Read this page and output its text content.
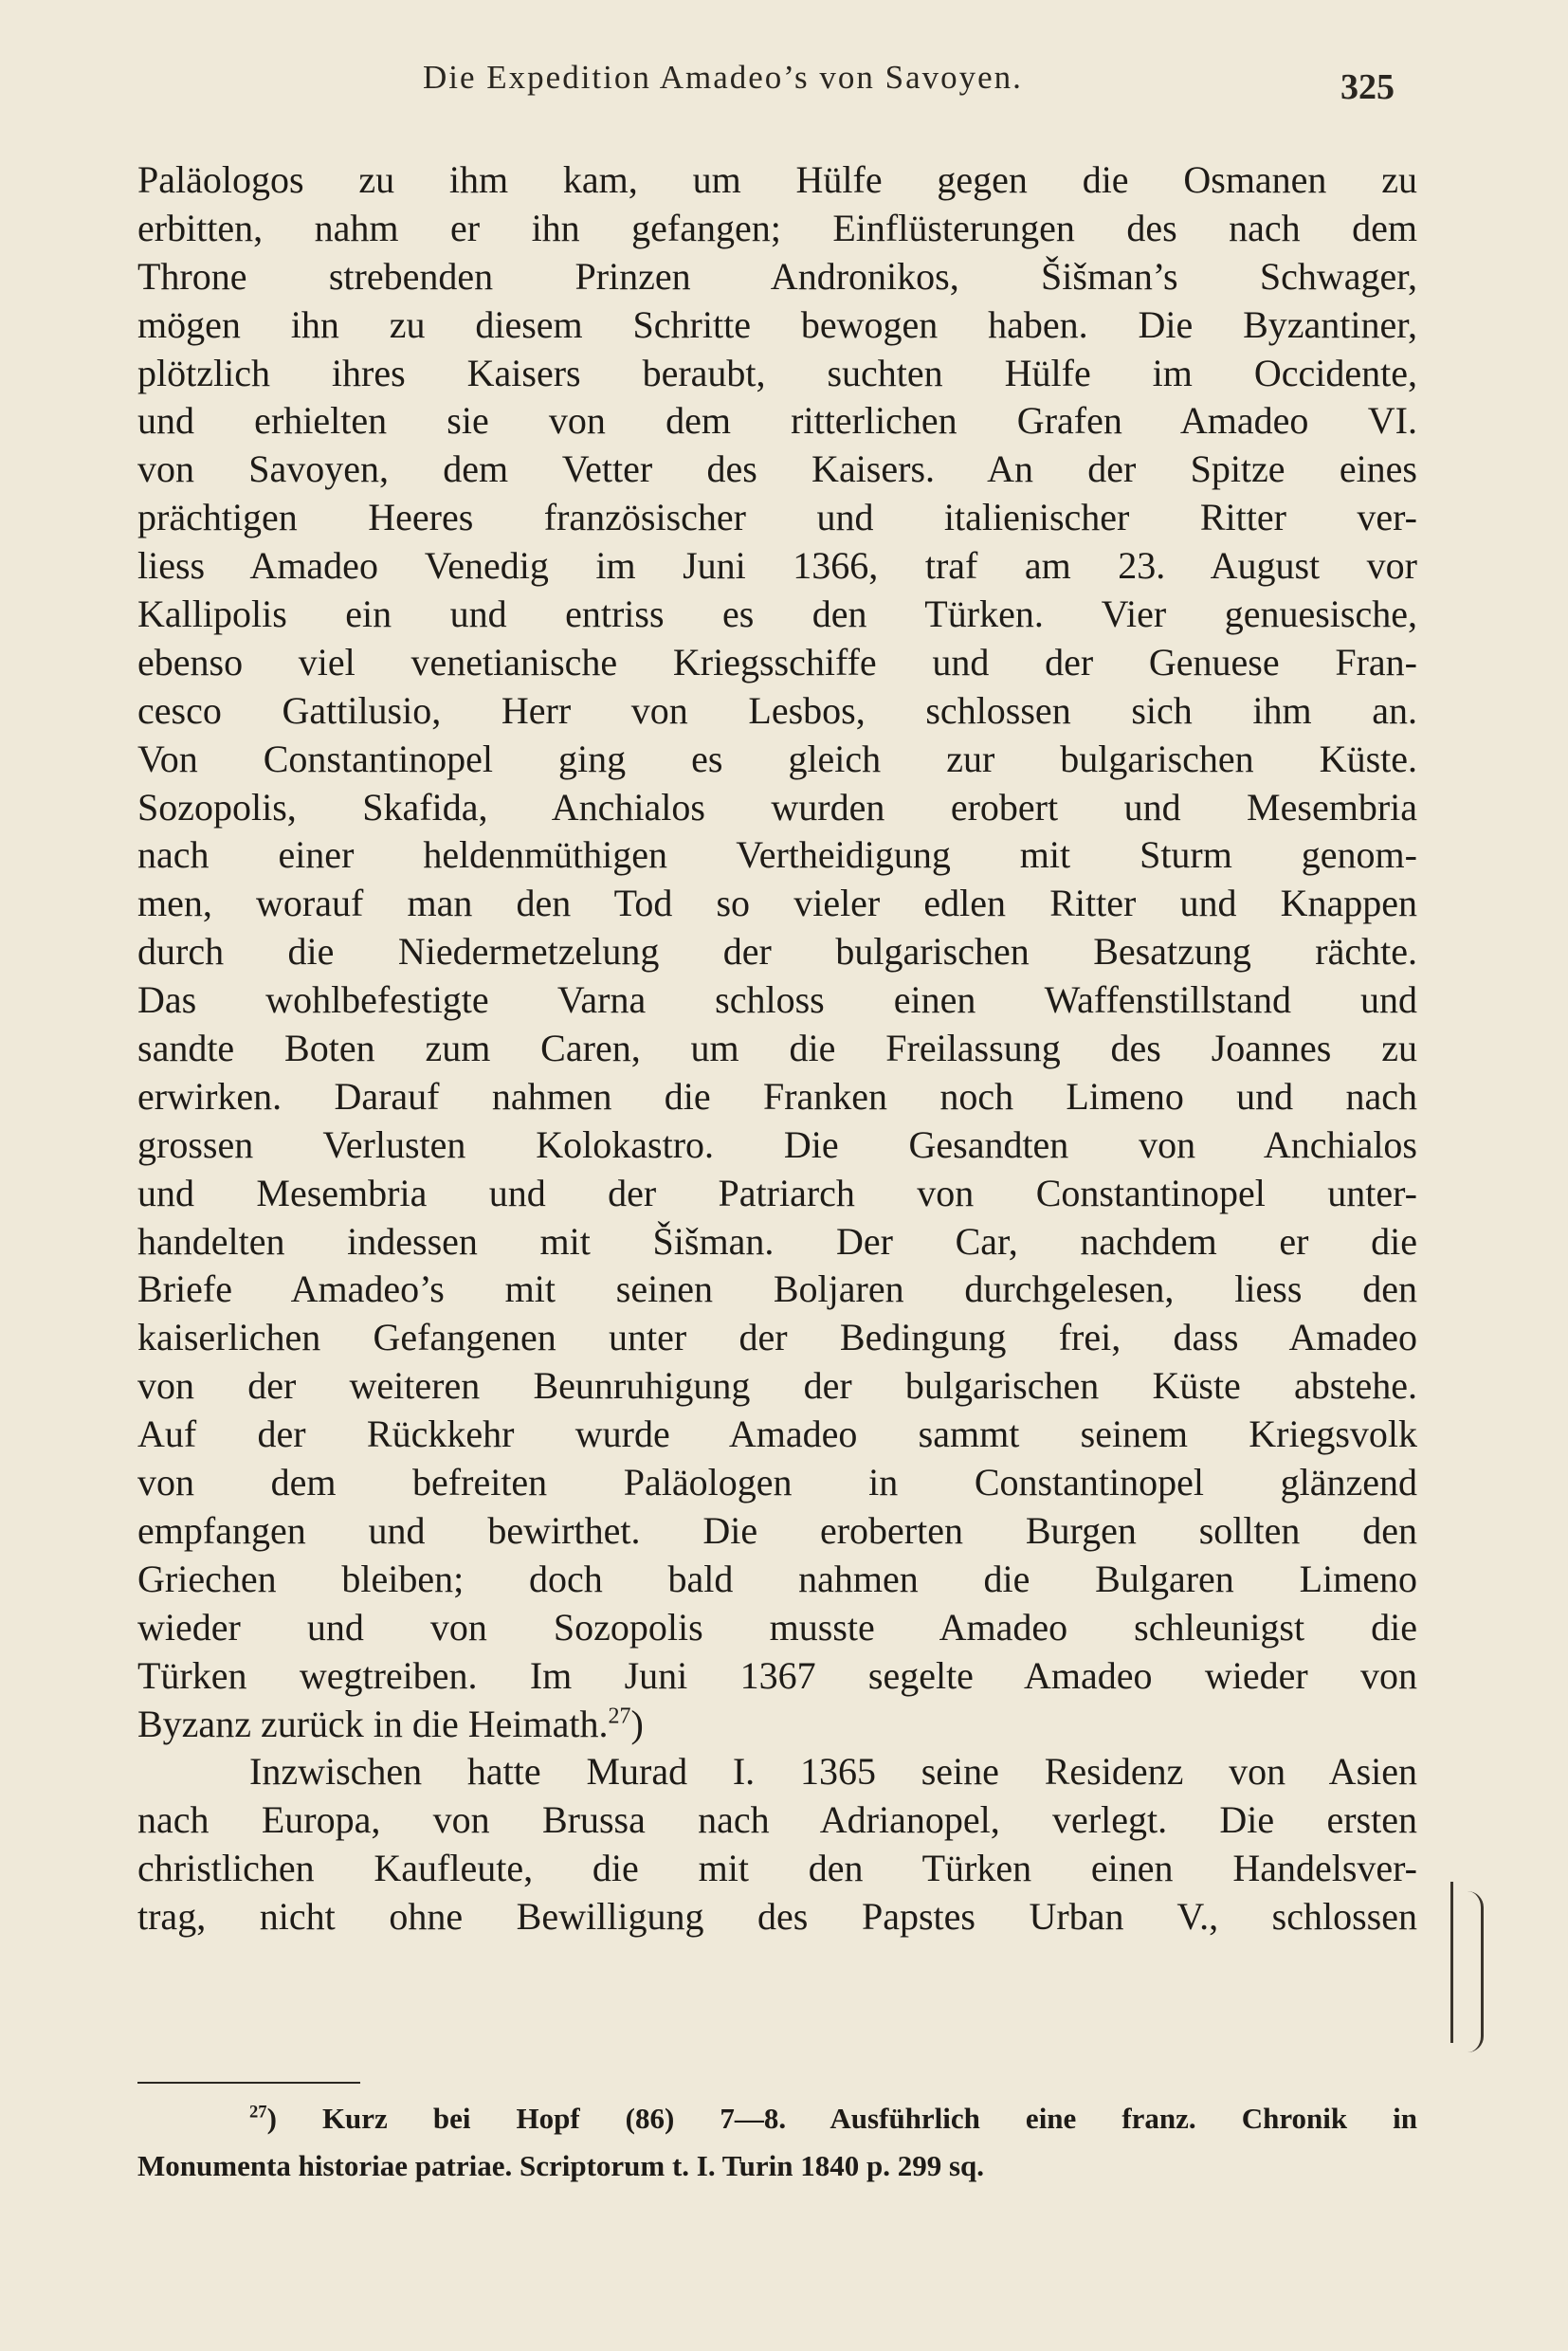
Die Expedition Amadeo’s von Savoyen.	325
Paläologos zu ihm kam, um Hülfe gegen die Osmanen zu
erbitten, nahm er ihn gefangen; Einflüsterungen des nach dem
Throne strebenden Prinzen Andronikos, Šišman’s Schwager,
mögen ihn zu diesem Schritte bewogen haben. Die Byzantiner,
plötzlich ihres Kaisers beraubt, suchten Hülfe im Occidente,
und erhielten sie von dem ritterlichen Grafen Amadeo VI.
von Savoyen, dem Vetter des Kaisers. An der Spitze eines
prächtigen Heeres französischer und italienischer Ritter ver-
liess Amadeo Venedig im Juni 1366, traf am 23. August vor
Kallipolis ein und entriss es den Türken. Vier genuesische,
ebenso viel venetianische Kriegsschiffe und der Genuese Fran-
cesco Gattilusio, Herr von Lesbos, schlossen sich ihm an.
Von Constantinopel ging es gleich zur bulgarischen Küste.
Sozopolis, Skafida, Anchialos wurden erobert und Mesembria
nach einer heldenmüthigen Vertheidigung mit Sturm genom-
men, worauf man den Tod so vieler edlen Ritter und Knappen
durch die Niedermetzelung der bulgarischen Besatzung rächte.
Das wohlbefestigte Varna schloss einen Waffenstillstand und
sandte Boten zum Caren, um die Freilassung des Joannes zu
erwirken. Darauf nahmen die Franken noch Limeno und nach
grossen Verlusten Kolokastro. Die Gesandten von Anchialos
und Mesembria und der Patriarch von Constantinopel unter-
handelten indessen mit Šišman. Der Car, nachdem er die
Briefe Amadeo’s mit seinen Boljaren durchgelesen, liess den
kaiserlichen Gefangenen unter der Bedingung frei, dass Amadeo
von der weiteren Beunruhigung der bulgarischen Küste abstehe.
Auf der Rückkehr wurde Amadeo sammt seinem Kriegsvolk
von dem befreiten Paläologen in Constantinopel glänzend
empfangen und bewirthet. Die eroberten Burgen sollten den
Griechen bleiben; doch bald nahmen die Bulgaren Limeno
wieder und von Sozopolis musste Amadeo schleunigst die
Türken wegtreiben. Im Juni 1367 segelte Amadeo wieder von
Byzanz zurück in die Heimath.$^{27}$)
Inzwischen hatte Murad I. 1365 seine Residenz von Asien
nach Europa, von Brussa nach Adrianopel, verlegt. Die ersten
christlichen Kaufleute, die mit den Türken einen Handelsver-
trag, nicht ohne Bewilligung des Papstes Urban V., schlossen
$^{27}$) Kurz bei Hopf (86) 7—8. Ausführlich eine franz. Chronik in
Monumenta historiae patriae. Scriptorum t. I. Turin 1840 p. 299 sq.
